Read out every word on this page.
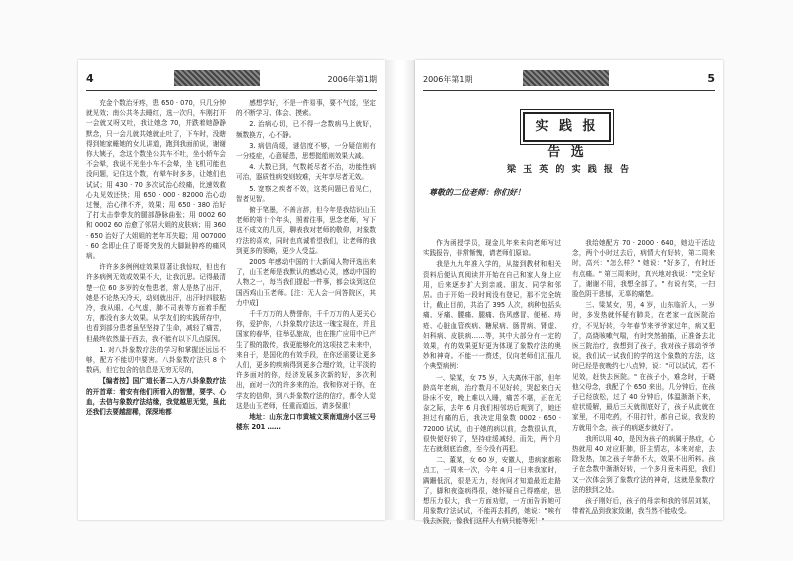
4	2006年第1期

充金个数治牙疼，患 650 · 070，只几分钟就见效；南公共冬去睡红，选一次归，车刚打开一会就又呀又吐，我让她念 70，并跌着她静静默念，只一会儿就共她就止吐了，下车时，没瞎得到她家睡她的女儿讲道，跑到我面前说，谢谢你大姨子，念这个数坐公共车不吐，坐小轿车会不会晕，我说不光坐小车不会晕，坐飞机可能也没问题，记住这个数，有晕车时多多，让她们也试试；用 430 · 70 多次试治心绞痛，比速效救心丸见效还快；用 650 · 000 · 82000 治心动过慢，治心律不齐，效果；用 650 · 380 治好了打太击拳拳友的腿部静脉曲张；用 0002 60 和 0002 60 治愈了邻居大姐的皮肤病；用 360 · 650 治好了大姐姐的老年耳失聪；用 007000 · 60 念即止住了哥哥突发的大脚趾肿疼的痛风病。

许许多多例例症效果显著让我惊叹，但也有许多病例无效或效果不大，让我沉思。记得最清楚一位 60 多岁的女性患者，常人是热了出汗，她是不论热天冷天，动则就出汗，出汗时四肢粘冷，我从眼、心气虚，肺不司表等方面着手配方，都没有多大效果。从学友们的实践所存中，也看到部分患者虽坚坚持了生命，减轻了痛苦，但最终依然量于西去，我不能有以下几点原因。

1. 对八卦象数疗法的学习和掌握还远远不够，配方不能切中要害。八卦象数疗法只 8 个数码，但它包含的信息是无穷无尽的，

【编者按】国广道长著二入方八卦象数疗法的开首章：着安有他们所看入的智慧，要学、心血，去信与象数疗法结缘，我觉越思无觉，虽此还我们去要越甜稀，深深地都

感想学好，不是一件易事，要不气馁，坚定的不断学习、体会、摸索。

2. 治病心切，已不得一念数病马上就好，频数换方，心不静。

3. 病信尚缓，谜信度不够，一分疑信则有一分疫症，心意疑患，思想挺船则效果大减。

4. 大数已到，气数耗尽者不治，功能性病可治，器质性病变则较难，天年享尽者无效。

5. 宽察之疾者不效，这类问题已看见仁，智者见智。

俯于笔墨，不善言辞，但今年是我结识山玉老师的第十个年头，照着往事，思念老师，写下这不成文的几页，聊表我对老师的敬仰，对象数疗法的喜欢，同时也真诚希望我们，让老师的我到更多的领略，更少人受益。

2005 年感动中国的十大新闻人物评选出来了，山玉老师是我默认的感动心灵，感动中国的人物之一，每当我们提起一件事，都会谈到这位国西鸡山玉老师。[注：无人会一问答院区，其力中成]

千千万万的人赞誉你，千千万万的人更关心你，爱护你，八卦象数疗法这一瑰宝现在，并且国家的春华，往举弘旅故，也在推广应用中已产生了极的散传，我更能够化的这项技艺未来中，来自于，是国化的有效手段，在你还需要让更多人们，更多的疾病得到更多合理疗效，让平淡的许多面对的你，经济发展多次新的好，多次利出，面对一次的许多来的治，我和你对于你，在学友的信仰，到八卦象数疗法的信疗，都令人觉这是山玉老师，任重而道远，请多保重！

地址：山东龙口市黄城文莱南道房小区三号楼东 201 ……

2006年第1期	5
实 践 报 告 选
梁 玉 英 的 实 践 报 告
尊敬的二位老师：你们好！

作为函授学员，现金儿年来未向老师写过实践报告，非常惭愧，请老师们原谅。

我是九九年准入学的，从接到教材和相关资料后便认真阅读并开始在自己和家人身上应用，后来逐步扩大到亲戚、朋友、同学和邻居。由于开始一段时间没有登记，那不完全统计，截止目前，共治了 395 人次，病种包括头痛、牙痛、腰痛、腿痛、伤风感冒、便秘、痔疮、心脏血管疾病、糖尿病、肠胃病、肾虚、妇科病、皮肤病……等，其中大部分有一定的效果，有的效果更好更为体现了象数疗法的奥妙和神奇。不能一一赘述，仅向老师们汇报几个典型病例：

一、梁某，女 75 岁，入夫离休干部，但年龄高年老病，治疗数月不见好转，哭起来白天卧床不安，晚上难以入睡，痛苦不堪，正在无奈之际，去年 6 月我们相邻坊后观到了，她还担过有痛的后，我决定用象数 0002 · 650 · 72000 试试，由于她的病以前，念数很认真，很快便好转了，坚持症缓减轻，而先，两个月左右就彻底治愈，至今没有再犯。

二、董某，女 60 岁，安徽人，患病家都称点工，一周来一次，今年 4 月一日来我家时，蹒跚低沉，很是无力，经询问才知道最近走路了，脚和夜盗病得很，她怀疑自己得癌症，思想压力很大，我一方面劝慰，一方面告诉她可用象数疗法试试，不能再去抓药，她说："唉有钱去医院，像我们这样人有病只能等死！"

我给她配方 70 · 2000 · 640，她边干活边念，两个小时过去后，病情大有好转，第二周来时，高兴："怎么样？" 她说："好多了，有时还有点痛。" 第三周来时，真兴地对我说："完全好了，谢谢不用，我想全部了。" 有说有笑，一扫脸色阴干悲郁，无辜的痛楚。

三、梁某女，男，4 岁，山东临沂人，一岁时，多发热就怀疑有肺炎，在老家一直医院治疗，不见好转，今年春节来爷爷家过年，病又犯了，高烧咳嗽气喘，有时突然抽搐，正准备去北医三院治疗，我想到了孩子，我对孩子那动爷爷说，我们试一试我们的学的这个象数的方法，这时已经是夜晚约七八点钟，说："可以试试，若不见效，赶快去医院。" 在孩子小，难念时，于晓他父母念，我配了个 650 来出，几分钟后，在孩子已经放松，过了 40 分钟后，体温渐渐下来，症状缓解，最后三天就彻底好了，孩子从此就在家里，不用吃药，不用打针，都自己说，我发的方就用个念，孩子的病逐步就好了。

我所以用 40，是因为孩子的病属于热症，心热就用 40 对应肝肺，肝主情志，本来对症，去除发热，加之孩子年龄不大，效果不出所料。孩子在念数中渐渐好转，一个多月竟未再犯，我们又一次体会到了象数疗法的神奇，这就是象数疗法的独到之处。

孩子刚好后，孩子的母亲和我的邻居刘某，带着礼品到我家致谢，我当然不能收受。
